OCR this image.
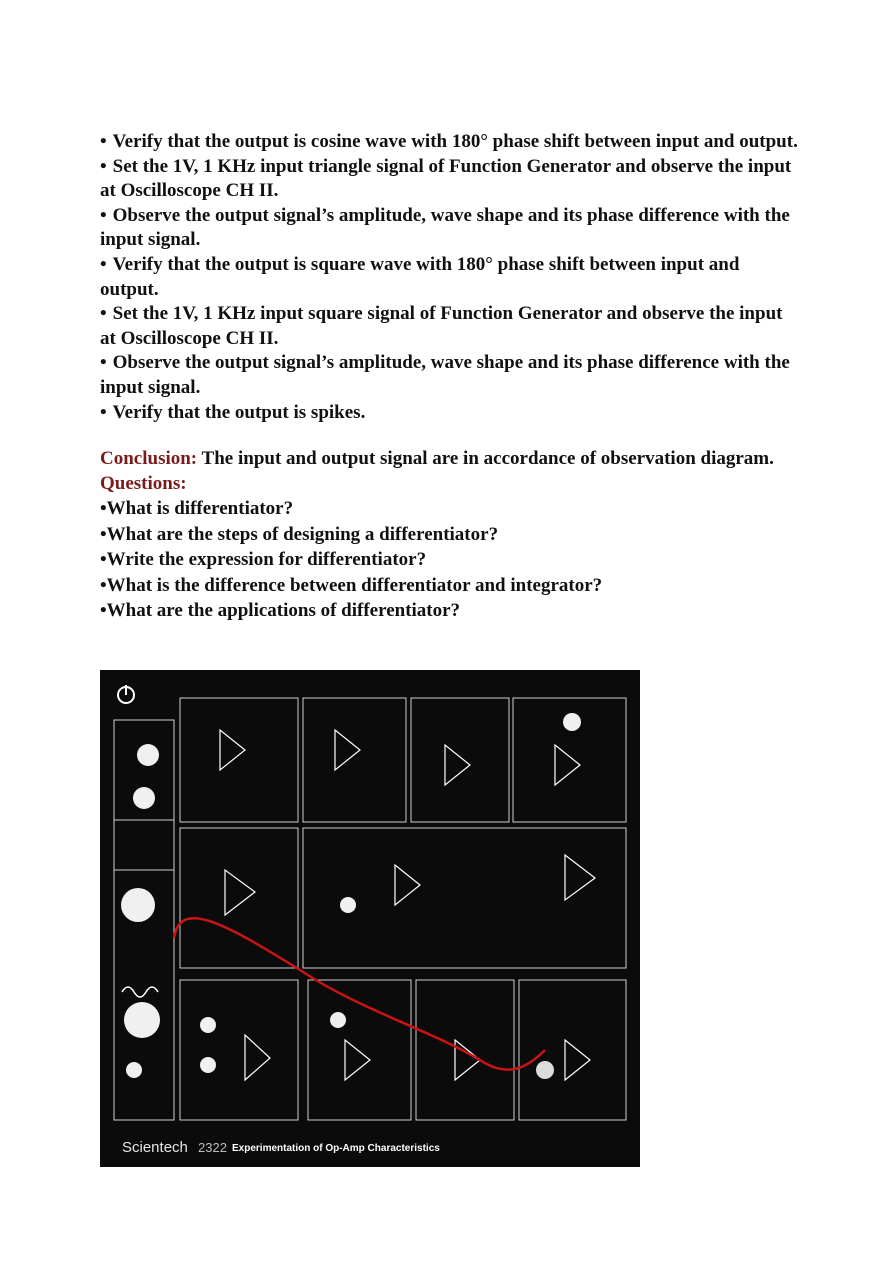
• Verify that the output is cosine wave with 180° phase shift between input and output.

• Set the 1V, 1 KHz input triangle signal of Function Generator and observe the input at Oscilloscope CH II.

• Observe the output signal’s amplitude, wave shape and its phase difference with the input signal.

• Verify that the output is square wave with 180° phase shift between input and output.

• Set the 1V, 1 KHz input square signal of Function Generator and observe the input at Oscilloscope CH II.

• Observe the output signal’s amplitude, wave shape and its phase difference with the input signal.

• Verify that the output is spikes.

Conclusion: The input and output signal are in accordance of observation diagram.

Questions:

•What is differentiator?

•What are the steps of designing a differentiator?

•Write the expression for differentiator?

•What is the difference between differentiator and integrator?

•What are the applications of differentiator?

Scientech 2322 Experimentation of Op-Amp Characteristics
